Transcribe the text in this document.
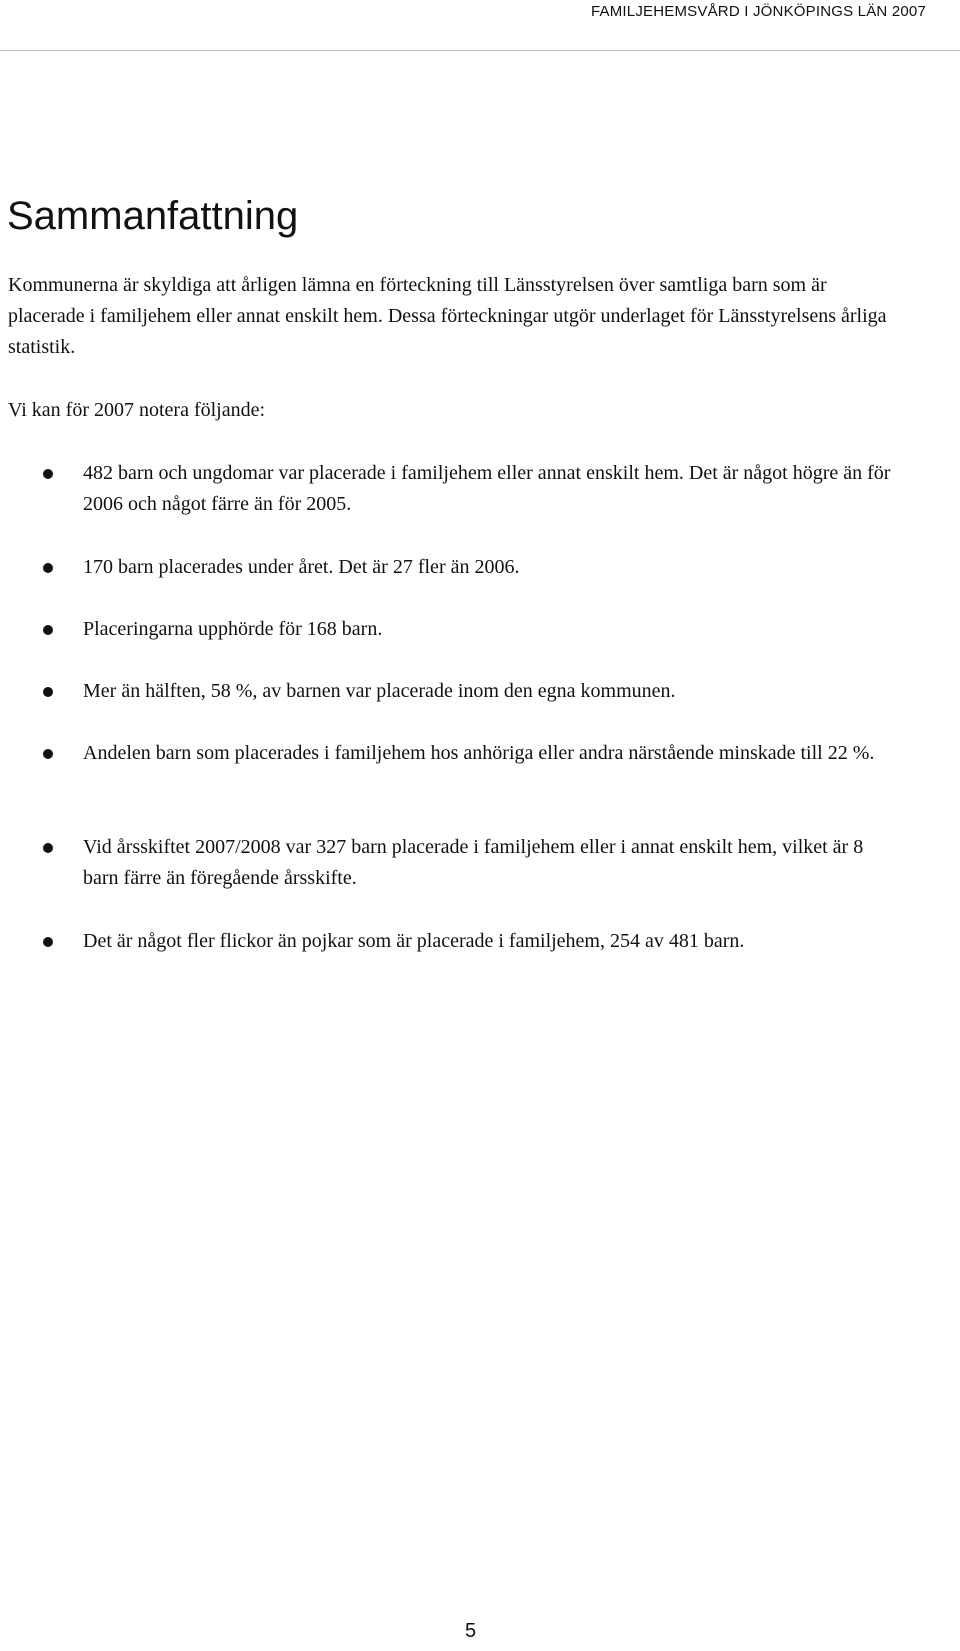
FAMILJEHEMSVÅRD I JÖNKÖPINGS LÄN 2007
Sammanfattning

Kommunerna är skyldiga att årligen lämna en förteckning till Länsstyrelsen över samtliga barn som är placerade i familjehem eller annat enskilt hem. Dessa förteckningar utgör underlaget för Länsstyrelsens årliga statistik.

Vi kan för 2007 notera följande:

482 barn och ungdomar var placerade i familjehem eller annat enskilt hem. Det är något högre än för 2006 och något färre än för 2005.
170 barn placerades under året. Det är 27 fler än 2006.
Placeringarna upphörde för 168 barn.
Mer än hälften, 58 %, av barnen var placerade inom den egna kommunen.
Andelen barn som placerades i familjehem hos anhöriga eller andra närstående minskade till 22 %.
Vid årsskiftet 2007/2008 var 327 barn placerade i familjehem eller i annat enskilt hem, vilket är 8 barn färre än föregående årsskifte.
Det är något fler flickor än pojkar som är placerade i familjehem, 254 av 481 barn.
5
